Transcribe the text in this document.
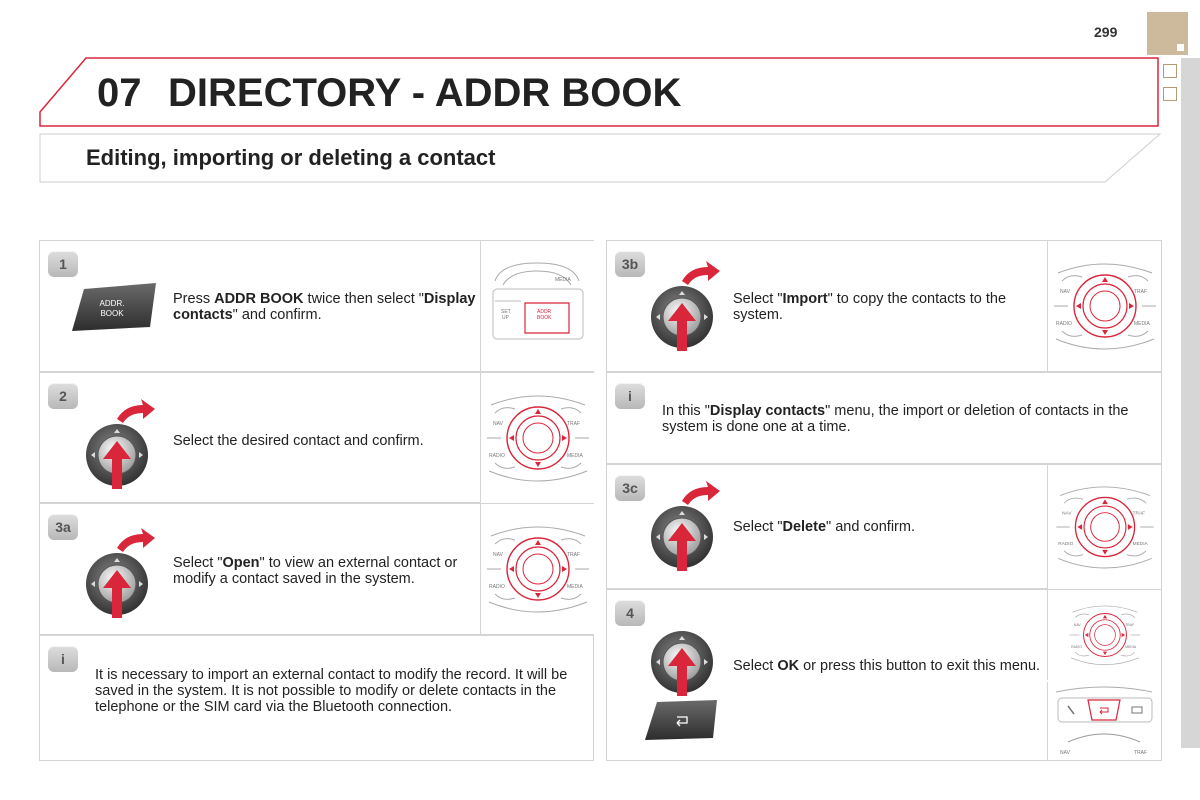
299
07 DIRECTORY - ADDR BOOK
Editing, importing or deleting a contact
1
ADDR.
BOOK
Press ADDR BOOK twice then select "Display contacts" and confirm.
MEDIA
SET
UP
ADDR
BOOK
2
Select the desired contact and confirm.
NAV	TRAF
RADIO	MEDIA
3a
Select "Open" to view an external contact or modify a contact saved in the system.
NAV	TRAF
RADIO	MEDIA
i
It is necessary to import an external contact to modify the record. It will be saved in the system. It is not possible to modify or delete contacts in the telephone or the SIM card via the Bluetooth connection.
3b
Select "Import" to copy the contacts to the system.
NAV	TRAF
RADIO	MEDIA
i
In this "Display contacts" menu, the import or deletion of contacts in the system is done one at a time.
3c
Select "Delete" and confirm.
NAV	TRAF
RADIO	MEDIA
4
Select OK or press this button to exit this menu.
NAV	TRAF
RADIO	MEDIA
NAV	TRAF
